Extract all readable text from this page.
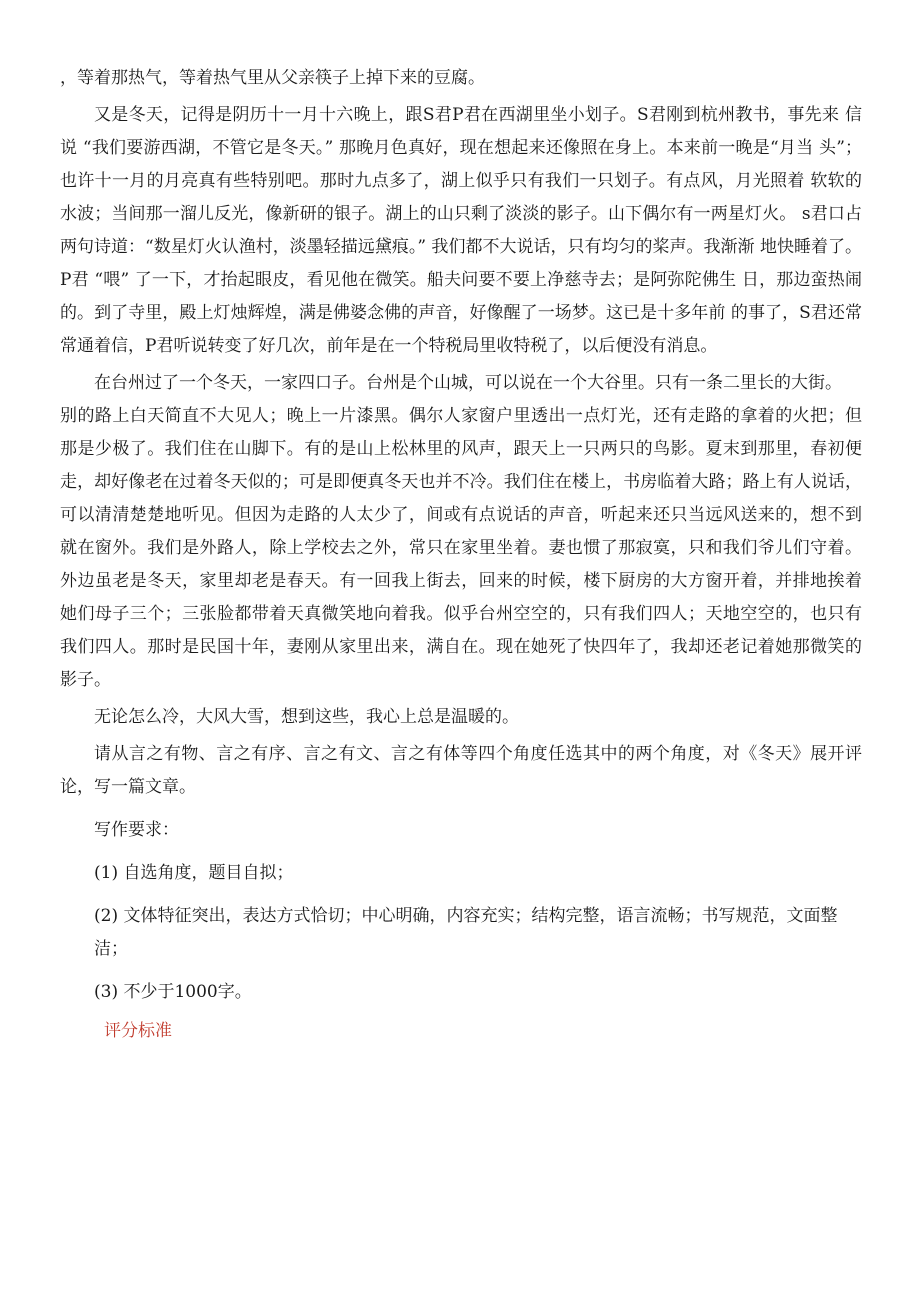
，等着那热气，等着热气里从父亲筷子上掉下来的豆腐。

又是冬天，记得是阴历十一月十六晚上，跟S君P君在西湖里坐小划子。S君刚到杭州教书，事先来 信说 “我们要游西湖，不管它是冬天。” 那晚月色真好，现在想起来还像照在身上。本来前一晚是“月当 头”；也许十一月的月亮真有些特别吧。那时九点多了，湖上似乎只有我们一只划子。有点风，月光照着 软软的水波；当间那一溜儿反光，像新研的银子。湖上的山只剩了淡淡的影子。山下偶尔有一两星灯火。 s君口占两句诗道：“数星灯火认渔村，淡墨轻描远黛痕。” 我们都不大说话，只有均匀的桨声。我渐渐 地快睡着了。P君 “喂” 了一下，才抬起眼皮，看见他在微笑。船夫问要不要上净慈寺去；是阿弥陀佛生 日，那边蛮热闹的。到了寺里，殿上灯烛辉煌，满是佛婆念佛的声音，好像醒了一场梦。这已是十多年前 的事了，S君还常常通着信，P君听说转变了好几次，前年是在一个特税局里收特税了，以后便没有消息。

在台州过了一个冬天，一家四口子。台州是个山城，可以说在一个大谷里。只有一条二里长的大街。

别的路上白天简直不大见人；晚上一片漆黑。偶尔人家窗户里透出一点灯光，还有走路的拿着的火把；但 那是少极了。我们住在山脚下。有的是山上松林里的风声，跟天上一只两只的鸟影。夏末到那里，春初便 走，却好像老在过着冬天似的；可是即便真冬天也并不冷。我们住在楼上，书房临着大路；路上有人说话， 可以清清楚楚地听见。但因为走路的人太少了，间或有点说话的声音，听起来还只当远风送来的，想不到 就在窗外。我们是外路人，除上学校去之外，常只在家里坐着。妻也惯了那寂寞，只和我们爷儿们守着。 外边虽老是冬天，家里却老是春天。有一回我上街去，回来的时候，楼下厨房的大方窗开着，并排地挨着 她们母子三个；三张脸都带着天真微笑地向着我。似乎台州空空的，只有我们四人；天地空空的，也只有 我们四人。那时是民国十年，妻刚从家里出来，满自在。现在她死了快四年了，我却还老记着她那微笑的 影子。

无论怎么冷，大风大雪，想到这些，我心上总是温暖的。

请从言之有物、言之有序、言之有文、言之有体等四个角度任选其中的两个角度，对《冬天》展开评 论，写一篇文章。

写作要求：

(1) 自选角度，题目自拟；

(2) 文体特征突出，表达方式恰切；中心明确，内容充实；结构完整，语言流畅；书写规范，文面整 洁；

(3) 不少于1000字。

评分标准
